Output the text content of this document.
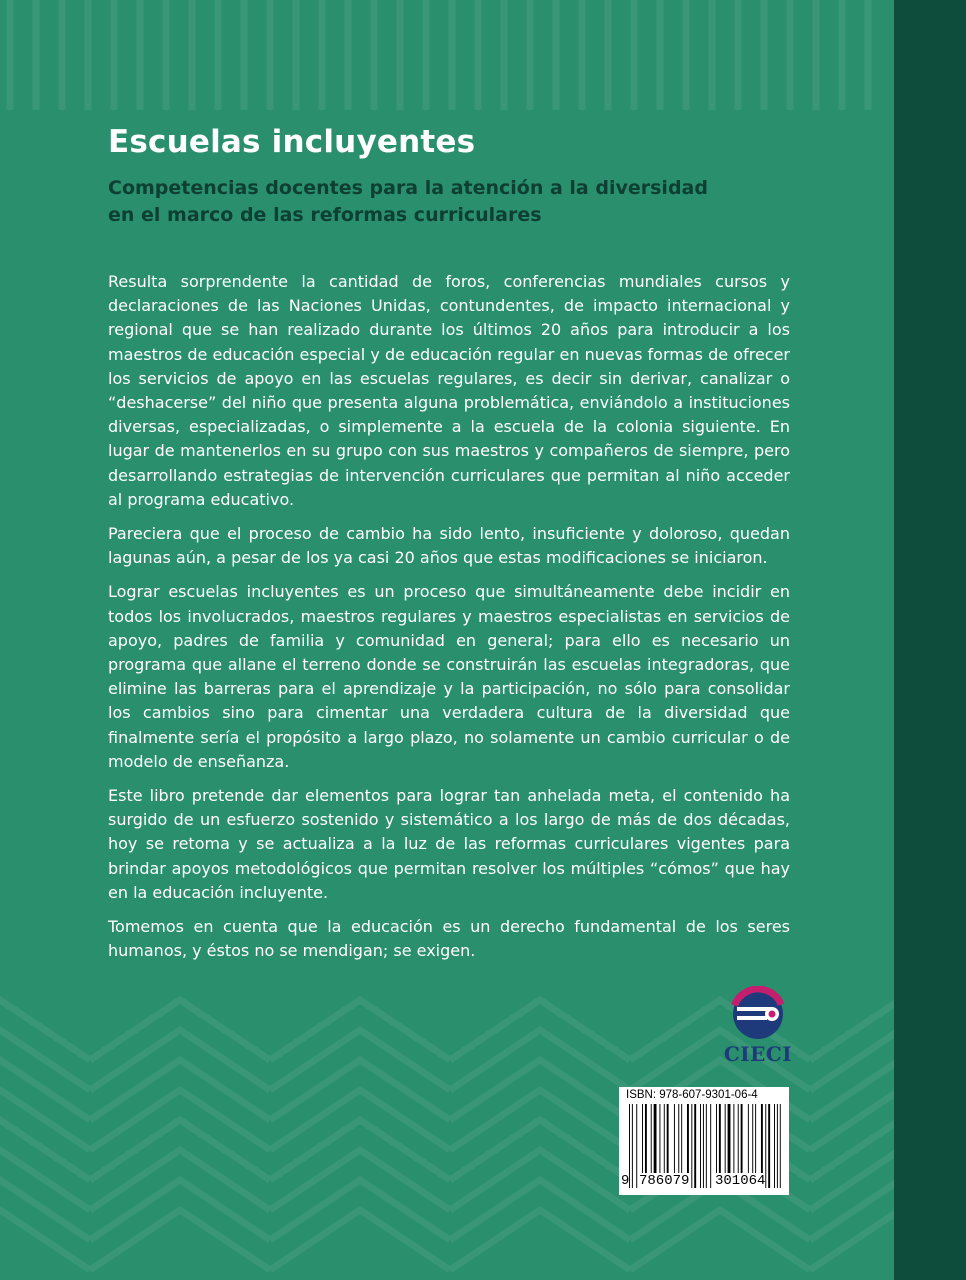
Escuelas incluyentes
Competencias docentes para la atención a la diversidad
en el marco de las reformas curriculares

Resulta sorprendente la cantidad de foros, conferencias mundiales cursos y declaraciones de las Naciones Unidas, contundentes, de impacto internacional y regional que se han realizado durante los últimos 20 años para introducir a los maestros de educación especial y de educación regular en nuevas formas de ofrecer los servicios de apoyo en las escuelas regulares, es decir sin derivar, canalizar o “deshacerse” del niño que presenta alguna problemática, enviándolo a instituciones diversas, especializadas, o simplemente a la escuela de la colonia siguiente. En lugar de mantenerlos en su grupo con sus maestros y compañeros de siempre, pero desarrollando estrategias de intervención curriculares que permitan al niño acceder al programa educativo.

Pareciera que el proceso de cambio ha sido lento, insuficiente y doloroso, quedan lagunas aún, a pesar de los ya casi 20 años que estas modificaciones se iniciaron.

Lograr escuelas incluyentes es un proceso que simultáneamente debe incidir en todos los involucrados, maestros regulares y maestros especialistas en servicios de apoyo, padres de familia y comunidad en general; para ello es necesario un programa que allane el terreno donde se construirán las escuelas integradoras, que elimine las barreras para el aprendizaje y la participación, no sólo para consolidar los cambios sino para cimentar una verdadera cultura de la diversidad que finalmente sería el propósito a largo plazo, no solamente un cambio curricular o de modelo de enseñanza.

Este libro pretende dar elementos para lograr tan anhelada meta, el contenido ha surgido de un esfuerzo sostenido y sistemático a los largo de más de dos décadas, hoy se retoma y se actualiza a la luz de las reformas curriculares vigentes para brindar apoyos metodológicos que permitan resolver los múltiples “cómos” que hay en la educación incluyente.

Tomemos en cuenta que la educación es un derecho fundamental de los seres humanos, y éstos no se mendigan; se exigen.

CIECI
ISBN: 978-607-9301-06-4
9 786079 301064
